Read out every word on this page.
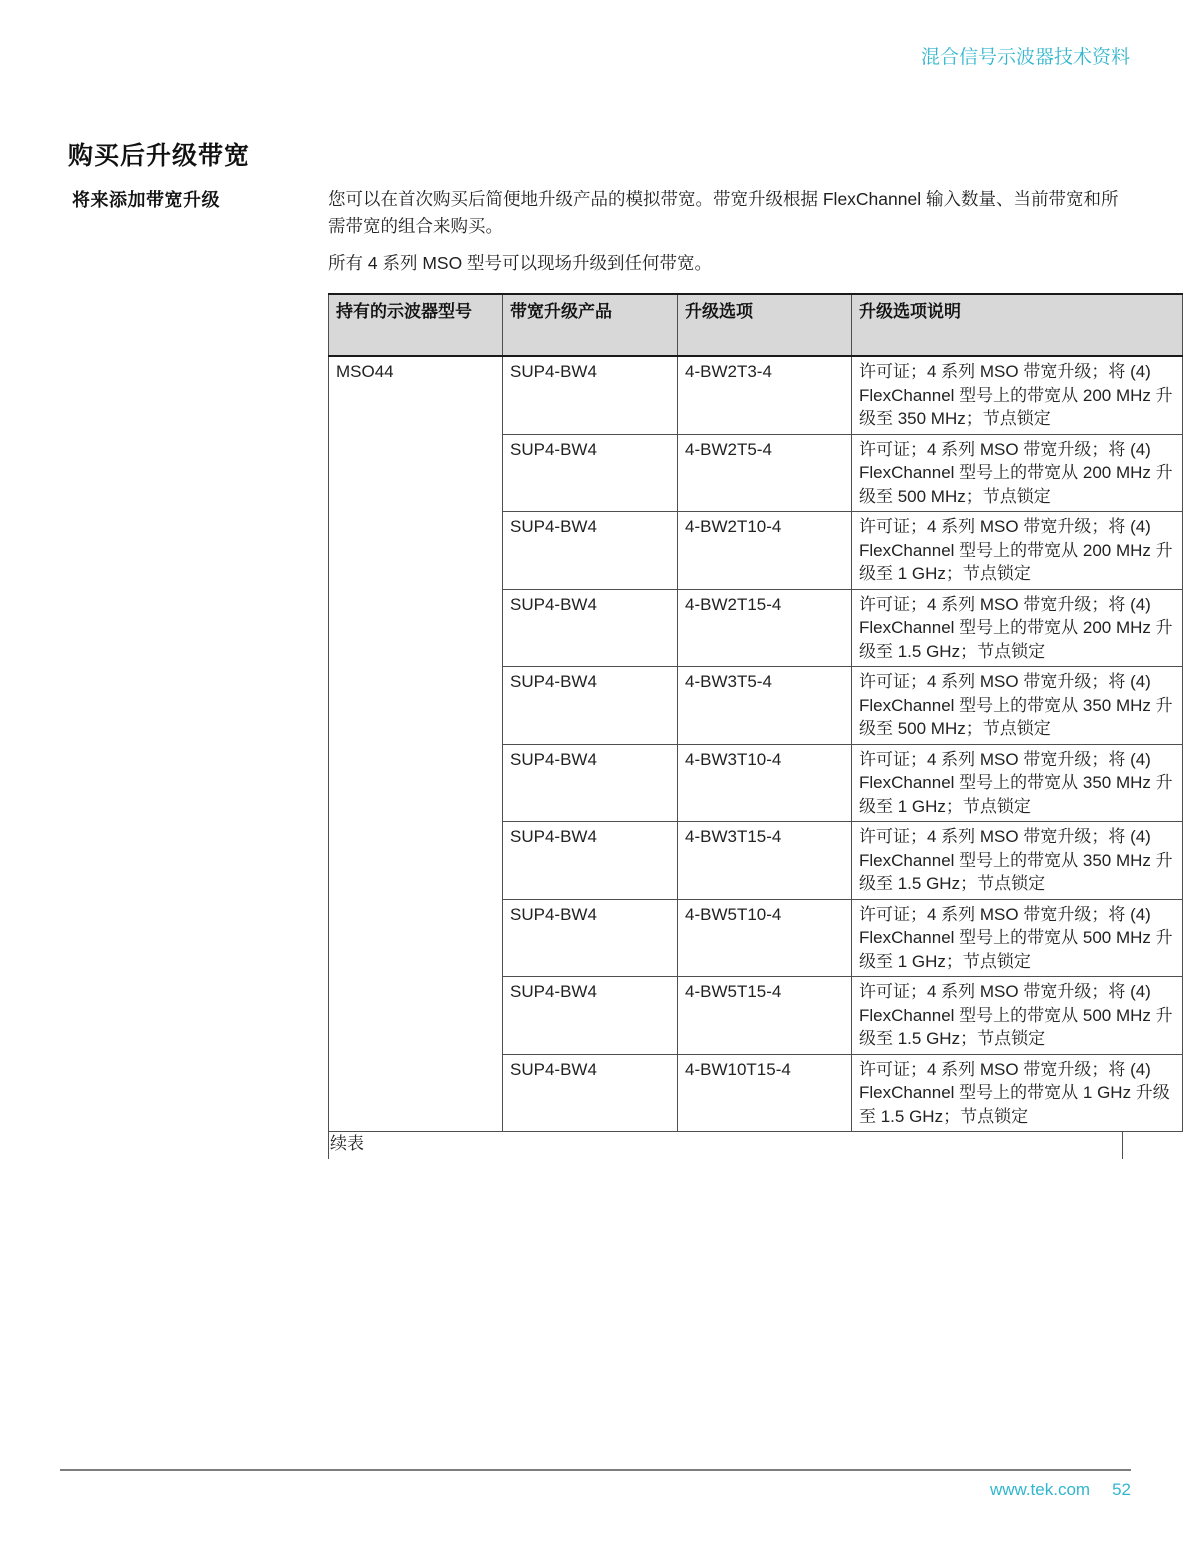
混合信号示波器技术资料
购买后升级带宽
将来添加带宽升级	您可以在首次购买后简便地升级产品的模拟带宽。带宽升级根据 FlexChannel 输入数量、当前带宽和所需带宽的组合来购买。

所有 4 系列 MSO 型号可以现场升级到任何带宽。

持有的示波器型号	带宽升级产品	升级选项	升级选项说明
MSO44	SUP4-BW4	4-BW2T3-4	许可证；4 系列 MSO 带宽升级；将 (4) FlexChannel 型号上的带宽从 200 MHz 升级至 350 MHz；节点锁定
	SUP4-BW4	4-BW2T5-4	许可证；4 系列 MSO 带宽升级；将 (4) FlexChannel 型号上的带宽从 200 MHz 升级至 500 MHz；节点锁定
	SUP4-BW4	4-BW2T10-4	许可证；4 系列 MSO 带宽升级；将 (4) FlexChannel 型号上的带宽从 200 MHz 升级至 1 GHz；节点锁定
	SUP4-BW4	4-BW2T15-4	许可证；4 系列 MSO 带宽升级；将 (4) FlexChannel 型号上的带宽从 200 MHz 升级至 1.5 GHz；节点锁定
	SUP4-BW4	4-BW3T5-4	许可证；4 系列 MSO 带宽升级；将 (4) FlexChannel 型号上的带宽从 350 MHz 升级至 500 MHz；节点锁定
	SUP4-BW4	4-BW3T10-4	许可证；4 系列 MSO 带宽升级；将 (4) FlexChannel 型号上的带宽从 350 MHz 升级至 1 GHz；节点锁定
	SUP4-BW4	4-BW3T15-4	许可证；4 系列 MSO 带宽升级；将 (4) FlexChannel 型号上的带宽从 350 MHz 升级至 1.5 GHz；节点锁定
	SUP4-BW4	4-BW5T10-4	许可证；4 系列 MSO 带宽升级；将 (4) FlexChannel 型号上的带宽从 500 MHz 升级至 1 GHz；节点锁定
	SUP4-BW4	4-BW5T15-4	许可证；4 系列 MSO 带宽升级；将 (4) FlexChannel 型号上的带宽从 500 MHz 升级至 1.5 GHz；节点锁定
	SUP4-BW4	4-BW10T15-4	许可证；4 系列 MSO 带宽升级；将 (4) FlexChannel 型号上的带宽从 1 GHz 升级至 1.5 GHz；节点锁定
续表
www.tek.com 52
